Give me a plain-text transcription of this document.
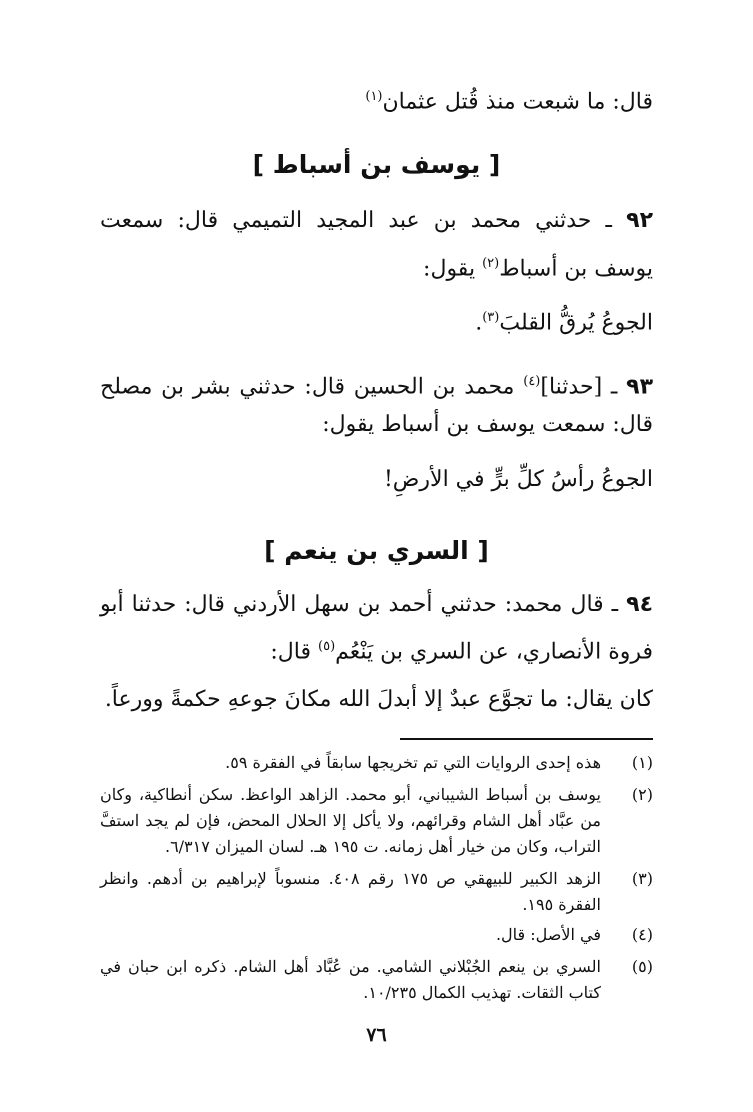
قال: ما شبعت منذ قُتل عثمان$^{(١)}$
[ يوسف بن أسباط ]
٩٢ ـ حدثني محمد بن عبد المجيد التميمي قال: سمعت
يوسف بن أسباط$^{(٢)}$ يقول:
الجوعُ يُرقُّ القلبَ$^{(٣)}$.
٩٣ ـ [حدثنا]$^{(٤)}$ محمد بن الحسين قال: حدثني بشر بن مصلح
قال: سمعت يوسف بن أسباط يقول:
الجوعُ رأسُ كلِّ برٍّ في الأرضِ!
[ السري بن ينعم ]
٩٤ ـ قال محمد: حدثني أحمد بن سهل الأردني قال: حدثنا أبو
فروة الأنصاري، عن السري بن يَنْعُم$^{(٥)}$ قال:
كان يقال: ما تجوَّع عبدٌ إلا أبدلَ الله مكانَ جوعهِ حكمةً وورعاً.
(١)
هذه إحدى الروايات التي تم تخريجها سابقاً في الفقرة ٥٩.
(٢)
يوسف بن أسباط الشيباني، أبو محمد. الزاهد الواعظ. سكن أنطاكية، وكان
من عبَّاد أهل الشام وقرائهم، ولا يأكل إلا الحلال المحض، فإن لم يجد استفَّ
التراب، وكان من خيار أهل زمانه. ت ١٩٥ هـ. لسان الميزان ٦/٣١٧.
(٣)
الزهد الكبير للبيهقي ص ١٧٥ رقم ٤٠٨. منسوباً لإبراهيم بن أدهم. وانظر
الفقرة ١٩٥.
(٤)
في الأصل: قال.
(٥)
السري بن ينعم الجُبْلاني الشامي. من عُبَّاد أهل الشام. ذكره ابن حبان في
كتاب الثقات. تهذيب الكمال ١٠/٢٣٥.
٧٦
